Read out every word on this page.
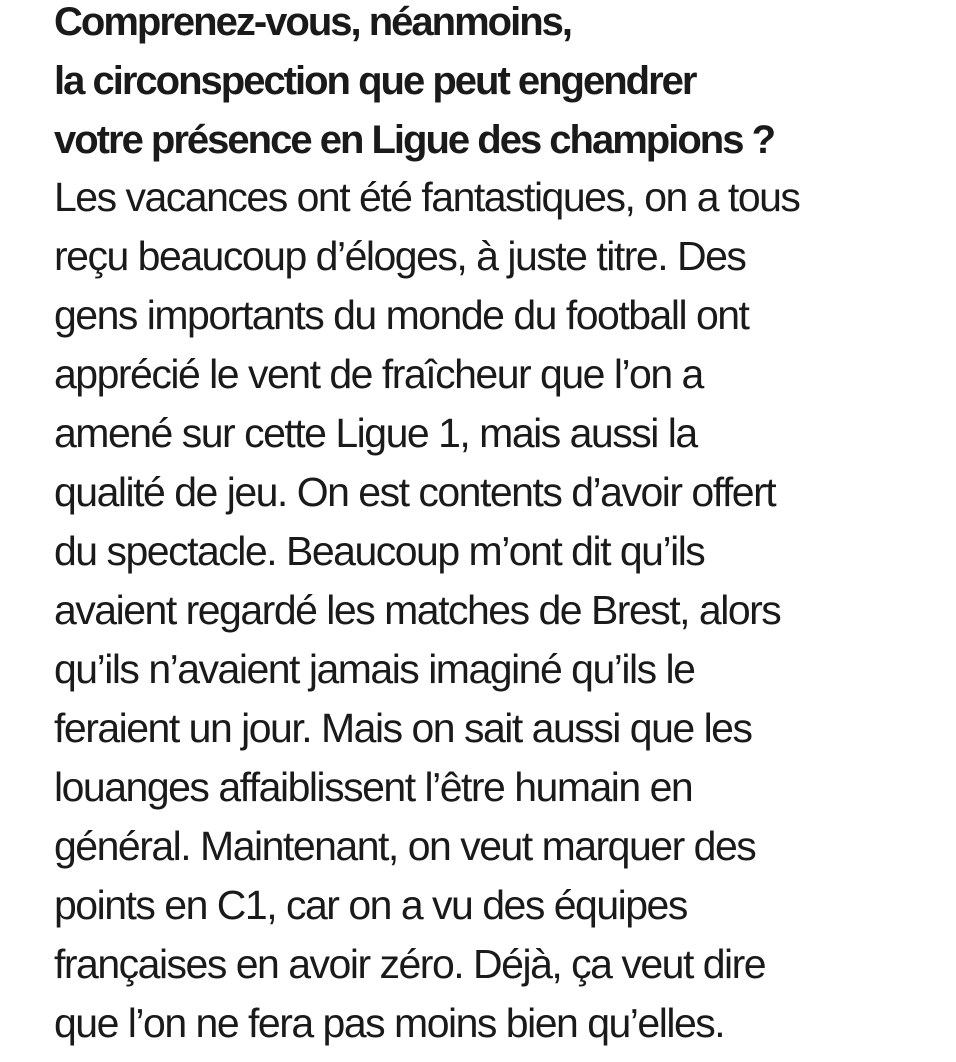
Comprenez-vous, néanmoins,
la circonspection que peut engendrer
votre présence en Ligue des champions ?
Les vacances ont été fantastiques, on a tous
reçu beaucoup d’éloges, à juste titre. Des
gens importants du monde du football ont
apprécié le vent de fraîcheur que l’on a
amené sur cette Ligue 1, mais aussi la
qualité de jeu. On est contents d’avoir offert
du spectacle. Beaucoup m’ont dit qu’ils
avaient regardé les matches de Brest, alors
qu’ils n’avaient jamais imaginé qu’ils le
feraient un jour. Mais on sait aussi que les
louanges affaiblissent l’être humain en
général. Maintenant, on veut marquer des
points en C1, car on a vu des équipes
françaises en avoir zéro. Déjà, ça veut dire
que l’on ne fera pas moins bien qu’elles.
